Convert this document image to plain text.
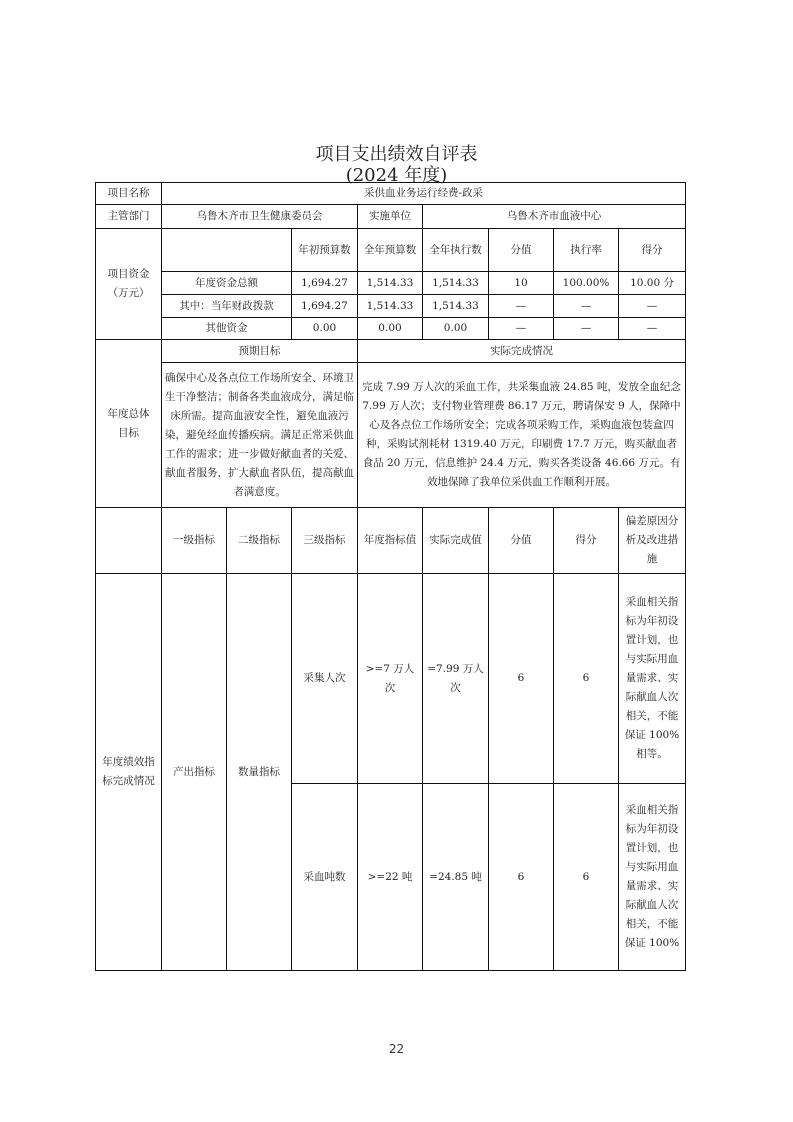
项目支出绩效自评表
(2024 年度)
项目名称	采供血业务运行经费-政采							
主管部门	乌鲁木齐市卫生健康委员会			实施单位	乌鲁木齐市血液中心			
项目资金
（万元）			年初预算数	全年预算数	全年执行数	分值	执行率	得分
	年度资金总额		1,694.27	1,514.33	1,514.33	10	100.00%	10.00 分
	其中：当年财政拨款		1,694.27	1,514.33	1,514.33	—	—	—
	其他资金		0.00	0.00	0.00	—	—	—
年度总体
目标	预期目标			实际完成情况				
	确保中心及各点位工作场所安全、环境卫生干净整洁；制备各类血液成分，满足临床所需。提高血液安全性，避免血液污染，避免经血传播疾病。满足正常采供血工作的需求；进一步做好献血者的关爱、献血者服务，扩大献血者队伍，提高献血者满意度。			完成 7.99 万人次的采血工作，共采集血液 24.85 吨，发放全血纪念 7.99 万人次；支付物业管理费 86.17 万元，聘请保安 9 人，保障中心及各点位工作场所安全；完成各项采购工作，采购血液包装盒四种，采购试剂耗材 1319.40 万元，印刷费 17.7 万元，购买献血者食品 20 万元，信息维护 24.4 万元，购买各类设备 46.66 万元。有效地保障了我单位采供血工作顺利开展。				
	一级指标	二级指标	三级指标	年度指标值	实际完成值	分值	得分	偏差原因分析及改进措施
年度绩效指标完成情况	产出指标	数量指标	采集人次	>=7 万人次	=7.99 万人次	6	6	采血相关指标为年初设置计划，也与实际用血量需求、实际献血人次相关，不能保证 100%相等。
			采血吨数	>=22 吨	=24.85 吨	6	6	采血相关指标为年初设置计划，也与实际用血量需求、实际献血人次相关，不能保证 100%
22
